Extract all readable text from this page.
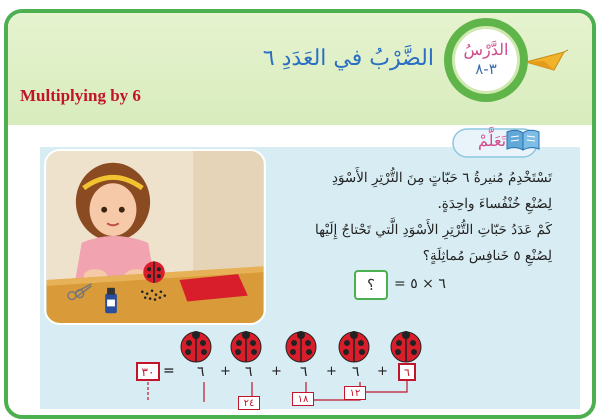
الدَّرْسُ
٣-٨
الضَّرْبُ في العَدَدِ ٦
Multiplying by 6
تَعَلَّمْ
تَسْتَخْدِمُ مُنيرةُ ٦ حَبّاتٍ مِنَ التُّرْتِرِ الأَسْوَدِ
لِصُنْعِ خُنْفُساءَ واحِدَةٍ.
كَمْ عَدَدُ حَبّاتِ التُّرْتِرِ الأَسْوَدِ الَّتي تَحْتاجُ إِلَيْها
لِصُنْعِ ٥ خَنافِسَ مُماثِلَةٍ؟
؟	= ٦ × ٥
٣٠ = ٦ + ٦ + ٦ + ٦ +	٦
١٢
١٨
٢٤
